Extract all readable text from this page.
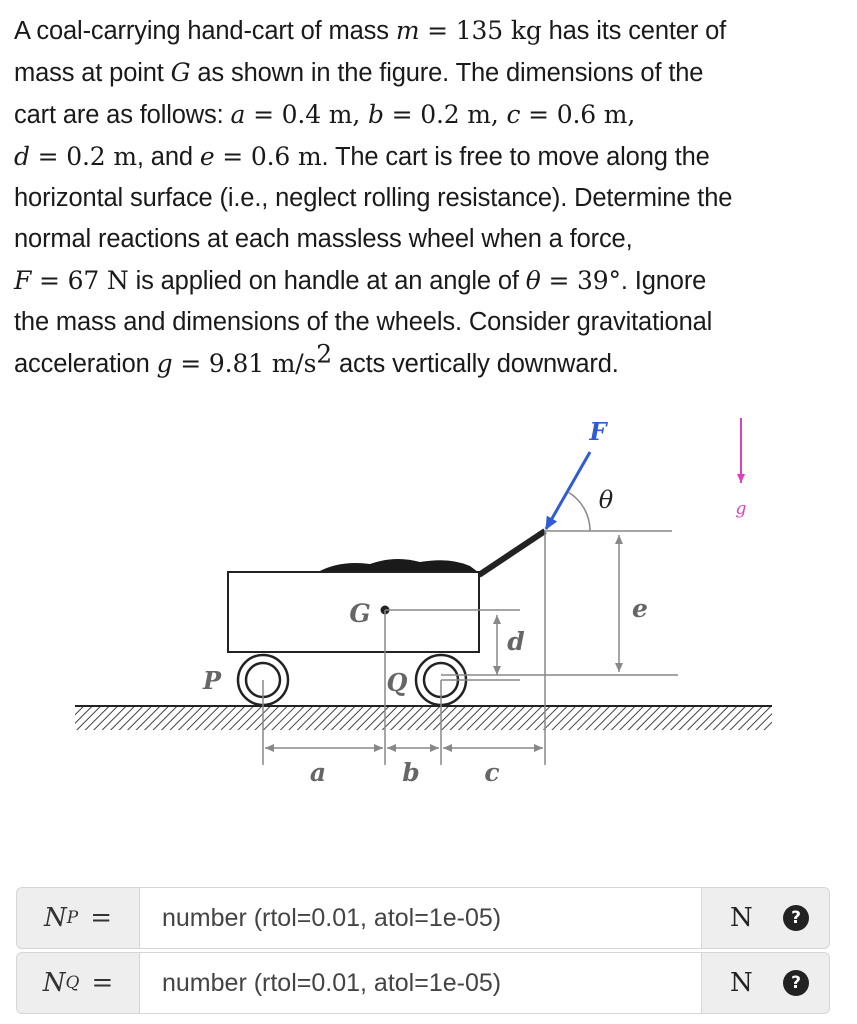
A coal-carrying hand-cart of mass m = 135 kg has its center of
mass at point G as shown in the figure. The dimensions of the
cart are as follows: a = 0.4 m, b = 0.2 m, c = 0.6 m,
d = 0.2 m, and e = 0.6 m. The cart is free to move along the
horizontal surface (i.e., neglect rolling resistance). Determine the
normal reactions at each massless wheel when a force,
F = 67 N is applied on handle at an angle of θ = 39°. Ignore
the mass and dimensions of the wheels. Consider gravitational
acceleration g = 9.81 $m/s^2$ acts vertically downward.
F
θ	g
G
P	Q
d
e
a	b	c
N P =
number (rtol=0.01, atol=1e-05)	N	?
N Q =
number (rtol=0.01, atol=1e-05)	N	?
